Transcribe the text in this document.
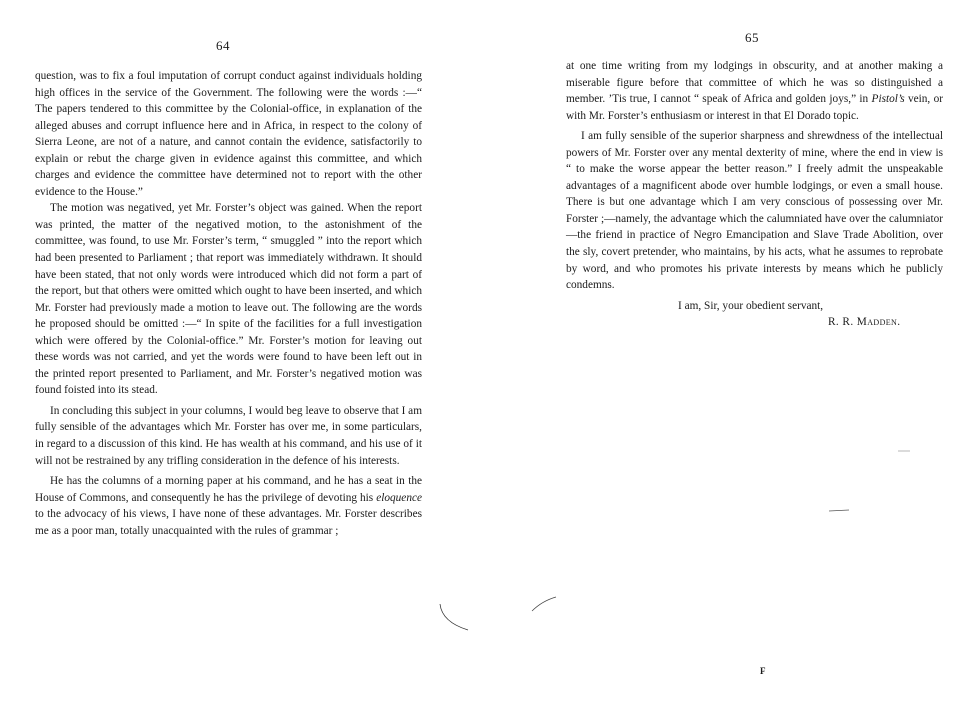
64

question, was to fix a foul imputation of corrupt conduct against individuals holding high offices in the service of the Government. The following were the words :—“ The papers tendered to this committee by the Colonial-office, in explanation of the alleged abuses and corrupt influence here and in Africa, in respect to the colony of Sierra Leone, are not of a nature, and cannot contain the evidence, satisfactorily to explain or rebut the charge given in evidence against this committee, and which charges and evidence the committee have determined not to report with the other evidence to the House.”

The motion was negatived, yet Mr. Forster’s object was gained. When the report was printed, the matter of the negatived motion, to the astonishment of the committee, was found, to use Mr. Forster’s term, “ smuggled ” into the report which had been presented to Parliament ; that report was immediately withdrawn. It should have been stated, that not only words were introduced which did not form a part of the report, but that others were omitted which ought to have been inserted, and which Mr. Forster had previously made a motion to leave out. The following are the words he proposed should be omitted :—“ In spite of the facilities for a full investigation which were offered by the Colonial-office.” Mr. Forster’s motion for leaving out these words was not carried, and yet the words were found to have been left out in the printed report presented to Parliament, and Mr. Forster’s negatived motion was found foisted into its stead.

In concluding this subject in your columns, I would beg leave to observe that I am fully sensible of the advantages which Mr. Forster has over me, in some particulars, in regard to a discussion of this kind. He has wealth at his command, and his use of it will not be restrained by any trifling consideration in the defence of his interests.

He has the columns of a morning paper at his command, and he has a seat in the House of Commons, and consequently he has the privilege of devoting his eloquence to the advocacy of his views, I have none of these advantages. Mr. Forster describes me as a poor man, totally unacquainted with the rules of grammar ;

65

at one time writing from my lodgings in obscurity, and at another making a miserable figure before that committee of which he was so distinguished a member. ’Tis true, I cannot “ speak of Africa and golden joys,” in Pistol’s vein, or with Mr. Forster’s enthusiasm or interest in that El Dorado topic.

I am fully sensible of the superior sharpness and shrewdness of the intellectual powers of Mr. Forster over any mental dexterity of mine, where the end in view is “ to make the worse appear the better reason.” I freely admit the unspeakable advantages of a magnificent abode over humble lodgings, or even a small house. There is but one advantage which I am very conscious of possessing over Mr. Forster ;—namely, the advantage which the calumniated have over the calumniator—the friend in practice of Negro Emancipation and Slave Trade Abolition, over the sly, covert pretender, who maintains, by his acts, what he assumes to reprobate by word, and who promotes his private interests by means which he publicly condemns.

I am, Sir, your obedient servant,

R. R. Madden.

F
